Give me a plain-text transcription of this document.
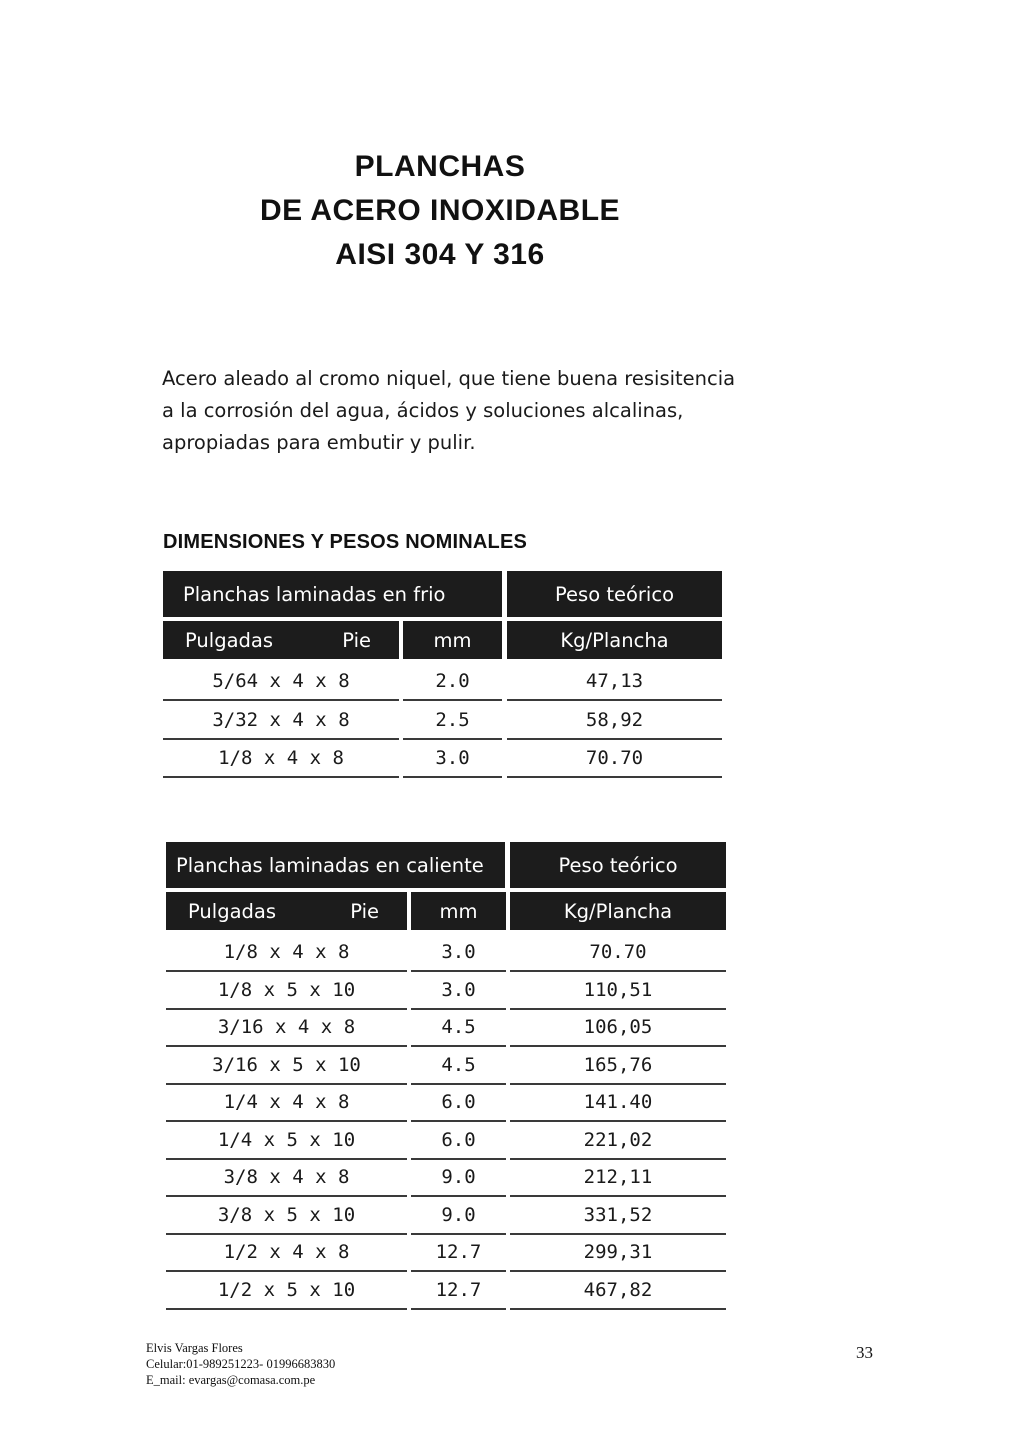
PLANCHAS
DE ACERO INOXIDABLE
AISI 304 Y 316

Acero aleado al cromo niquel, que tiene buena resisitencia a la corrosión del agua, ácidos y soluciones alcalinas, apropiadas para embutir y pulir.

DIMENSIONES Y PESOS NOMINALES
Planchas laminadas en frio	Peso teórico
Pulgadas	Pie	mm	Kg/Plancha
5/64 x 4 x 8	2.0	47,13
3/32 x 4 x 8	2.5	58,92
1/8 x 4 x 8	3.0	70.70
Planchas laminadas en caliente	Peso teórico
Pulgadas	Pie	mm	Kg/Plancha
1/8 x 4 x 8	3.0	70.70
1/8 x 5 x 10	3.0	110,51
3/16 x 4 x 8	4.5	106,05
3/16 x 5 x 10	4.5	165,76
1/4 x 4 x 8	6.0	141.40
1/4 x 5 x 10	6.0	221,02
3/8 x 4 x 8	9.0	212,11
3/8 x 5 x 10	9.0	331,52
1/2 x 4 x 8	12.7	299,31
1/2 x 5 x 10	12.7	467,82
Elvis Vargas Flores
Celular:01-989251223- 01996683830
E_mail: evargas@comasa.com.pe
33
